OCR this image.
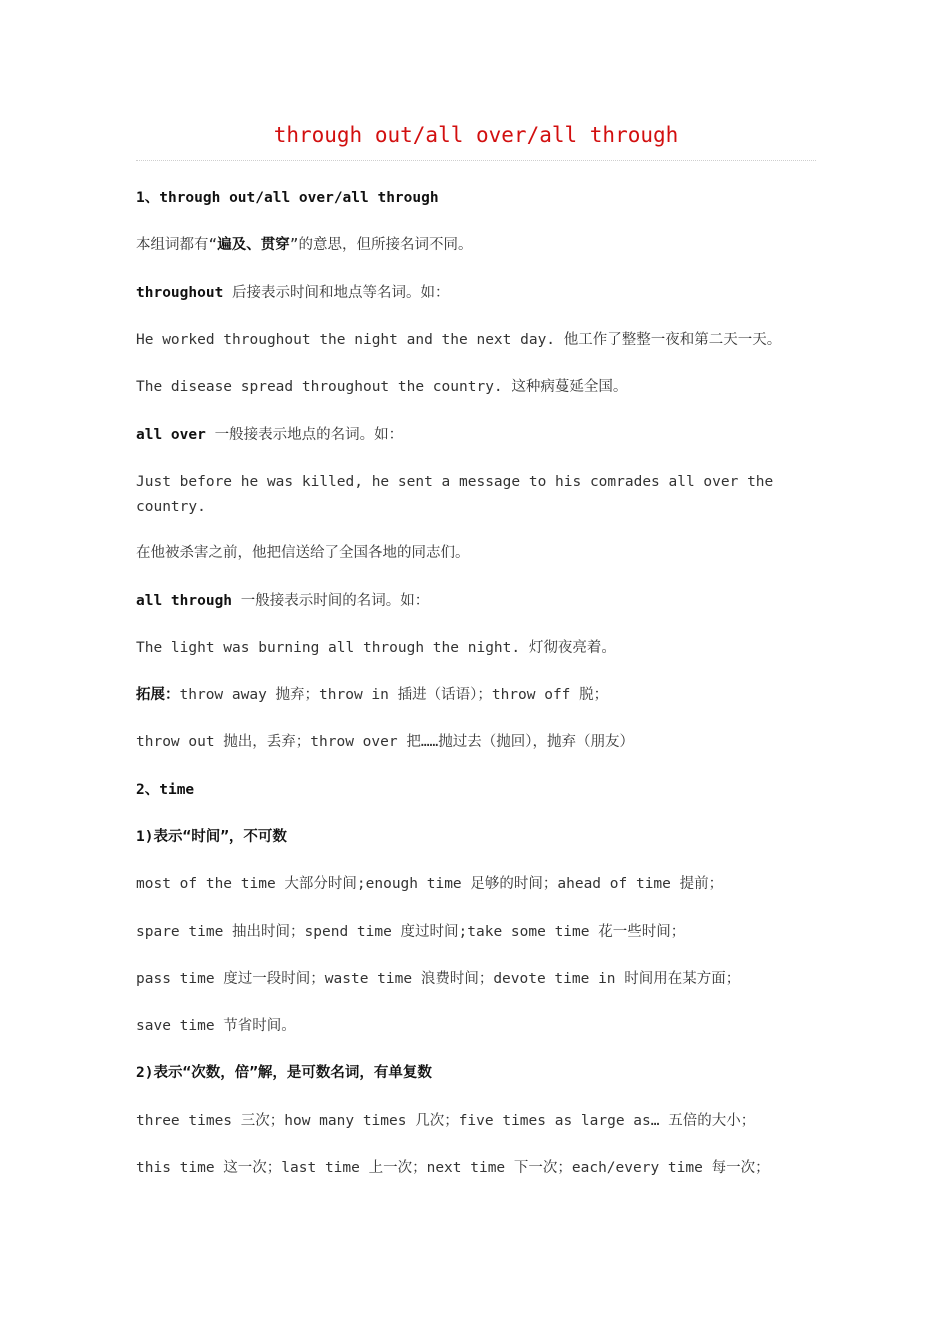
through out/all over/all through
1、through out/all over/all through
本组词都有“遍及、贯穿”的意思，但所接名词不同。
throughout 后接表示时间和地点等名词。如：
He worked throughout the night and the next day. 他工作了整整一夜和第二天一天。
The disease spread throughout the country. 这种病蔓延全国。
all over 一般接表示地点的名词。如：
Just before he was killed, he sent a message to his comrades all over the
country.
在他被杀害之前，他把信送给了全国各地的同志们。
all through 一般接表示时间的名词。如：
The light was burning all through the night. 灯彻夜亮着。
拓展：throw away 抛弃；throw in 插进（话语）；throw off 脱；
throw out 抛出，丢弃；throw over 把……抛过去（抛回），抛弃（朋友）
2、time
1)表示“时间”，不可数
most of the time 大部分时间;enough time 足够的时间；ahead of time 提前；
spare time 抽出时间；spend time 度过时间;take some time 花一些时间；
pass time 度过一段时间；waste time 浪费时间；devote time in 时间用在某方面；
save time 节省时间。
2)表示“次数，倍”解，是可数名词，有单复数
three times 三次；how many times 几次；five times as large as… 五倍的大小；
this time 这一次；last time 上一次；next time 下一次；each/every time 每一次；
